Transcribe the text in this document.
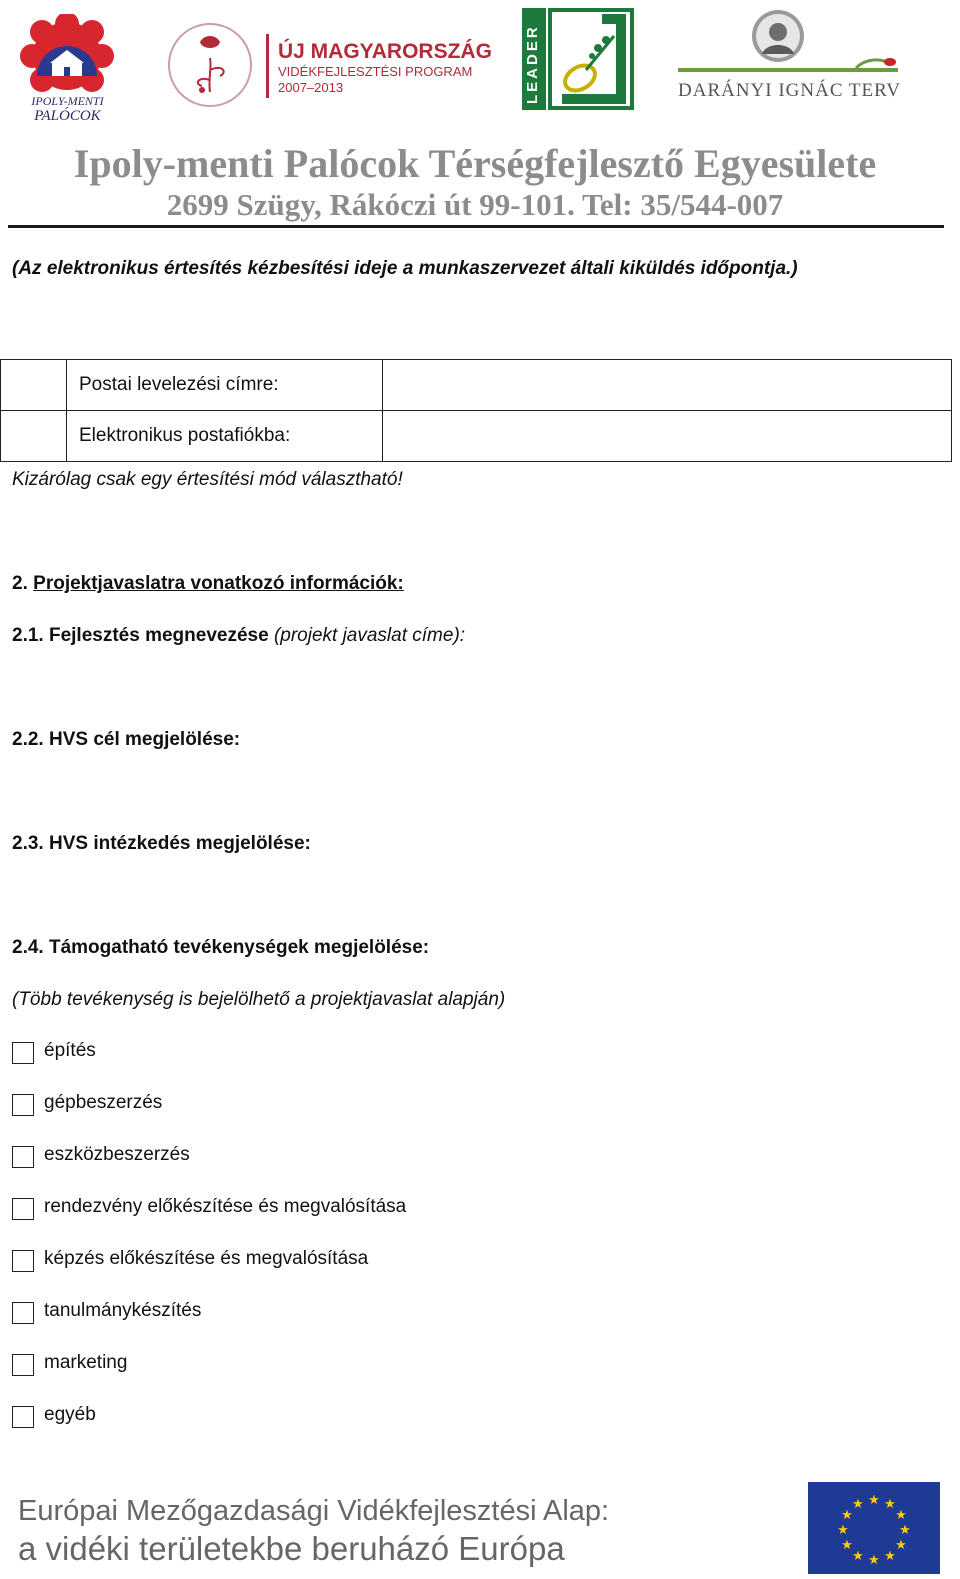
IPOLY-MENTI
PALÓCOK
ÚJ MAGYARORSZÁG
VIDÉKFEJLESZTÉSI PROGRAM
2007–2013	LEADER	DARÁNYI IGNÁC TERV
Ipoly-menti Palócok Térségfejlesztő Egyesülete
2699 Szügy, Rákóczi út 99-101. Tel: 35/544-007
(Az elektronikus értesítés kézbesítési ideje a munkaszervezet általi kiküldés időpontja.)
	Postai levelezési címre:	
	Elektronikus postafiókba:	
Kizárólag csak egy értesítési mód választható!
2. Projektjavaslatra vonatkozó információk:
2.1. Fejlesztés megnevezése (projekt javaslat címe):
2.2. HVS cél megjelölése:
2.3. HVS intézkedés megjelölése:
2.4. Támogatható tevékenységek megjelölése:
(Több tevékenység is bejelölhető a projektjavaslat alapján)
építés
gépbeszerzés
eszközbeszerzés
rendezvény előkészítése és megvalósítása
képzés előkészítése és megvalósítása
tanulmánykészítés
marketing
egyéb
Európai Mezőgazdasági Vidékfejlesztési Alap:
a vidéki területekbe beruházó Európa
★ ★
★
★
★
★
★
★
★
★
★
★
